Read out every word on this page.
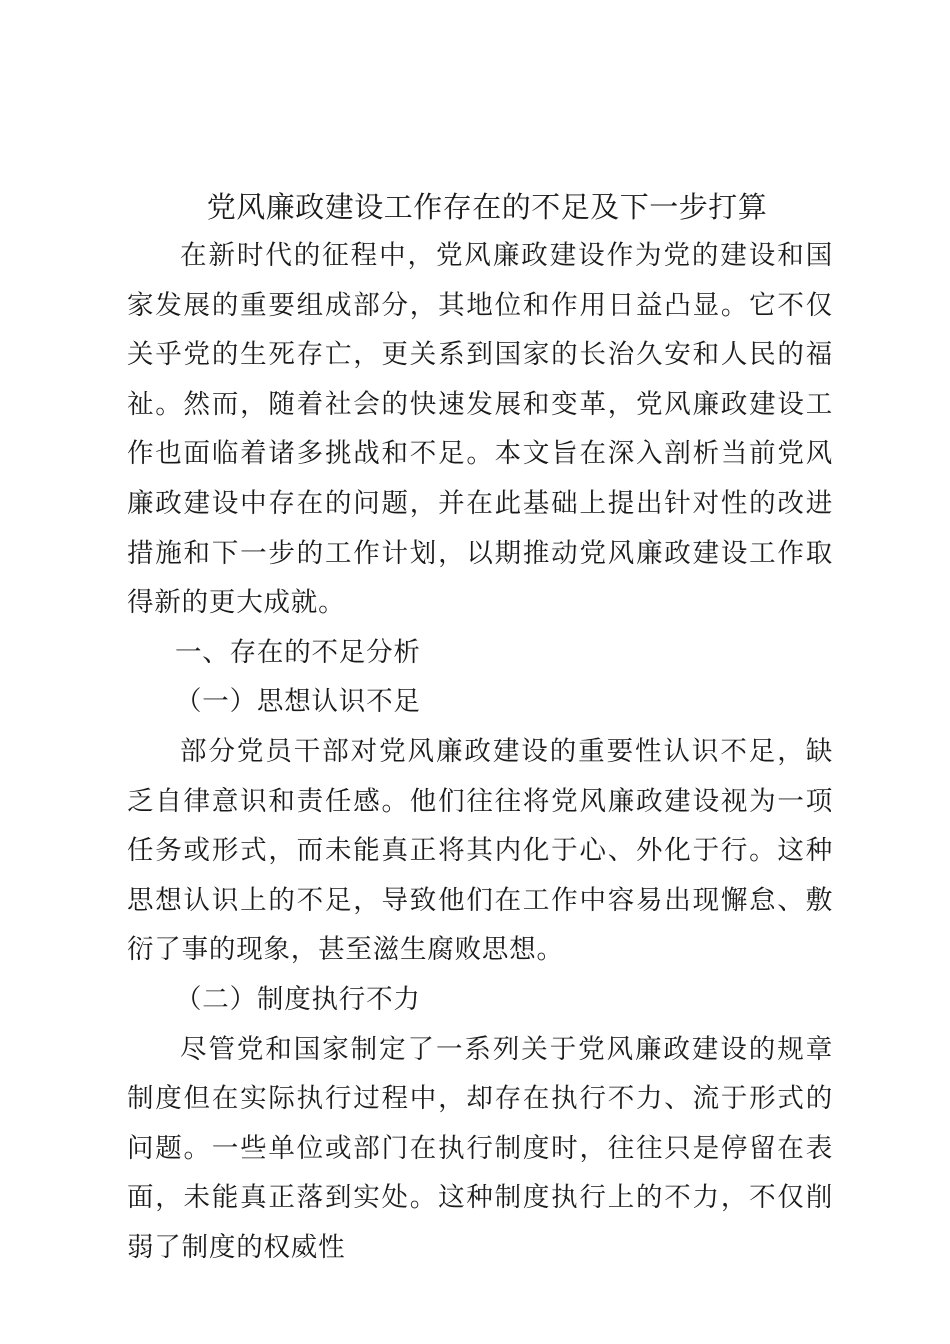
党风廉政建设工作存在的不足及下一步打算

在新时代的征程中，党风廉政建设作为党的建设和国家发展的重要组成部分，其地位和作用日益凸显。它不仅关乎党的生死存亡，更关系到国家的长治久安和人民的福祉。然而，随着社会的快速发展和变革，党风廉政建设工作也面临着诸多挑战和不足。本文旨在深入剖析当前党风廉政建设中存在的问题，并在此基础上提出针对性的改进措施和下一步的工作计划，以期推动党风廉政建设工作取得新的更大成就。

一、存在的不足分析

（一）思想认识不足

部分党员干部对党风廉政建设的重要性认识不足，缺乏自律意识和责任感。他们往往将党风廉政建设视为一项任务或形式，而未能真正将其内化于心、外化于行。这种思想认识上的不足，导致他们在工作中容易出现懈怠、敷衍了事的现象，甚至滋生腐败思想。

（二）制度执行不力

尽管党和国家制定了一系列关于党风廉政建设的规章制度但在实际执行过程中，却存在执行不力、流于形式的问题。一些单位或部门在执行制度时，往往只是停留在表面，未能真正落到实处。这种制度执行上的不力，不仅削弱了制度的权威性
